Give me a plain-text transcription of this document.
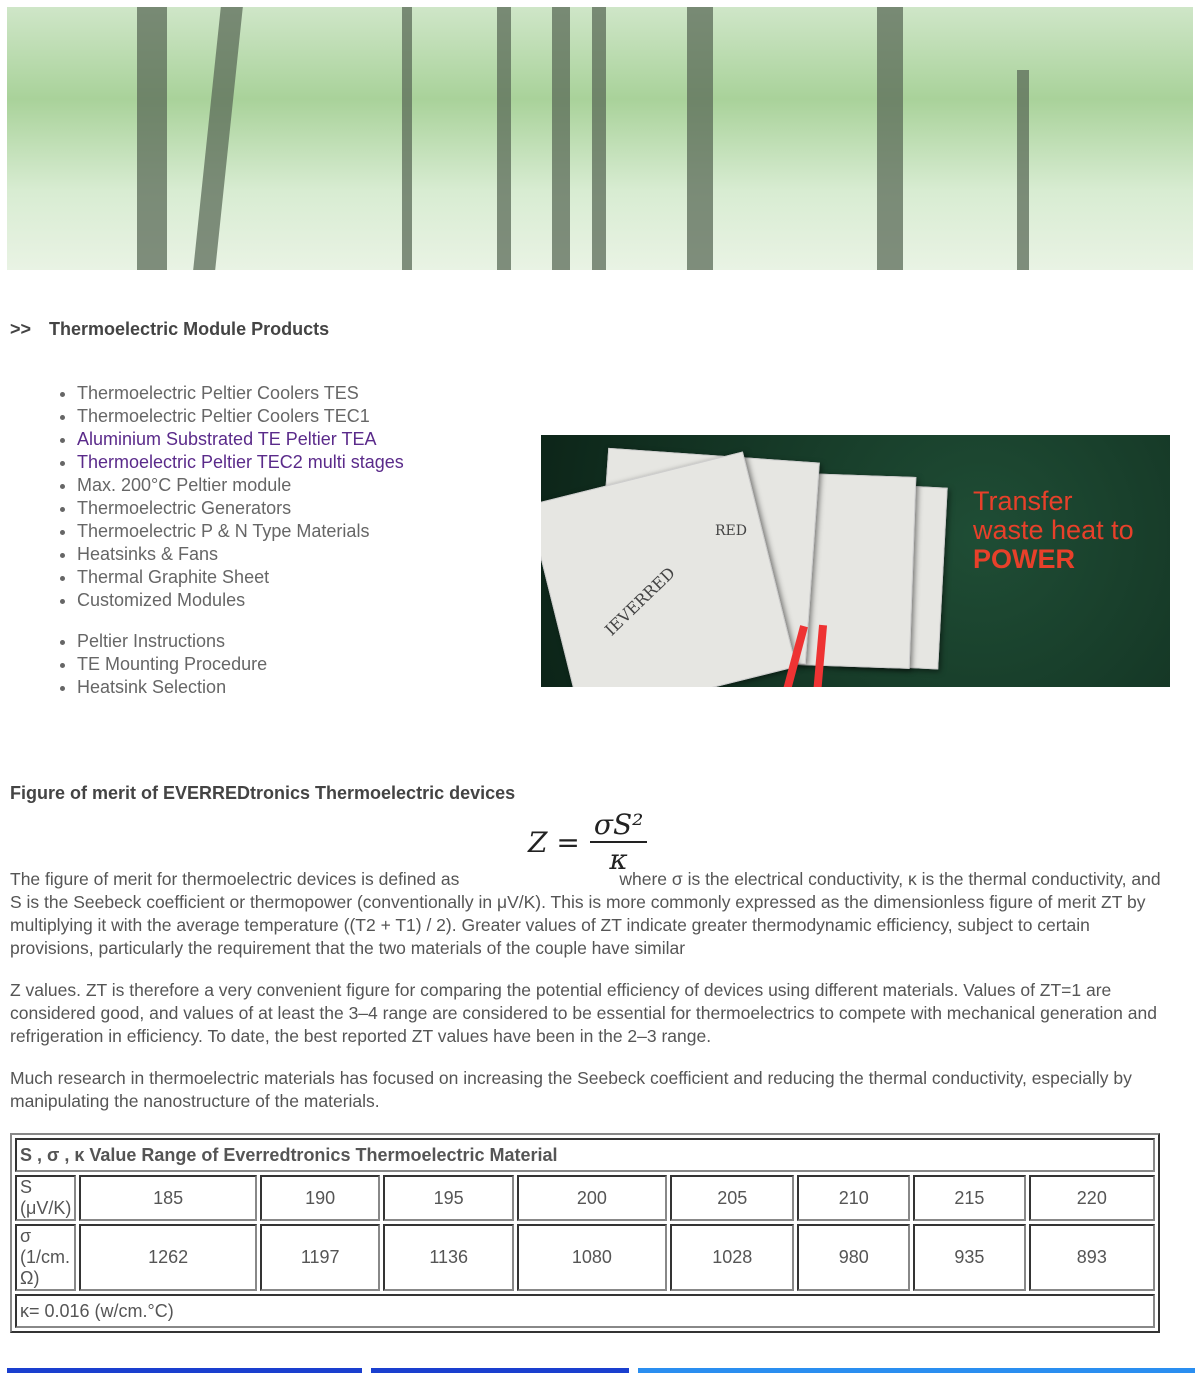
>> Thermoelectric Module Products
• Thermoelectric Peltier Coolers TES
• Thermoelectric Peltier Coolers TEC1
• Aluminium Substrated TE Peltier TEA
• Thermoelectric Peltier TEC2 multi stages
• Max. 200°C Peltier module
• Thermoelectric Generators
• Thermoelectric P & N Type Materials
• Heatsinks & Fans
• Thermal Graphite Sheet
• Customized Modules
• Peltier Instructions
• TE Mounting Procedure
• Heatsink Selection
IEVERRED
RED
Transfer
waste heat to
POWER
Figure of merit of EVERREDtronics Thermoelectric devices
$Z = \frac{\text{σS²}}{\kappa}$
The figure of merit for thermoelectric devices is defined as	where σ is the electrical conductivity, κ is the thermal conductivity, and S is the Seebeck coefficient or thermopower (conventionally in μV/K). This is more commonly expressed as the dimensionless figure of merit ZT by multiplying it with the average temperature ((T2 + T1) / 2). Greater values of ZT indicate greater thermodynamic efficiency, subject to certain provisions, particularly the requirement that the two materials of the couple have similar
Z values. ZT is therefore a very convenient figure for comparing the potential efficiency of devices using different materials. Values of ZT=1 are considered good, and values of at least the 3–4 range are considered to be essential for thermoelectrics to compete with mechanical generation and refrigeration in efficiency. To date, the best reported ZT values have been in the 2–3 range.
Much research in thermoelectric materials has focused on increasing the Seebeck coefficient and reducing the thermal conductivity, especially by manipulating the nanostructure of the materials.
S , σ , κ Value Range of Everredtronics Thermoelectric Material								
S (μV/K)	185	190	195	200	205	210	215	220
σ (1/cm. Ω)	1262	1197	1136	1080	1028	980	935	893
κ= 0.016 (w/cm.°C)								
